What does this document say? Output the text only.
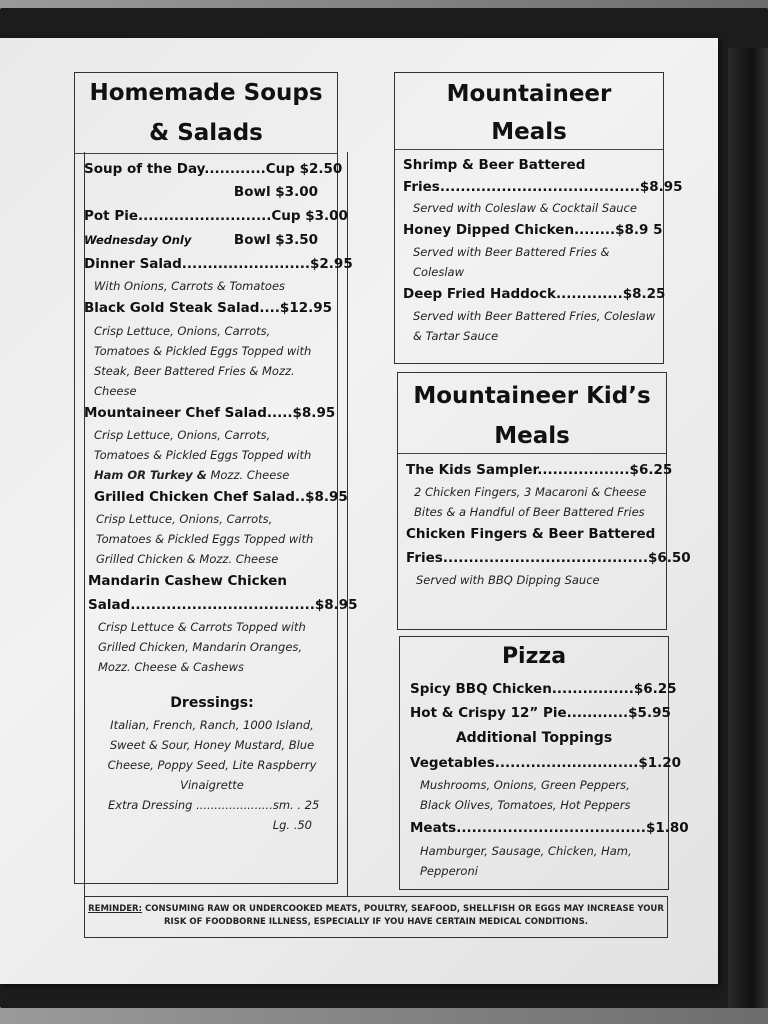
Homemade Soups
& Salads
Soup of the Day............Cup $2.50
Bowl $3.00
Pot Pie..........................Cup $3.00
Wednesday Only	Bowl $3.50
Dinner Salad.........................$2.95
With Onions, Carrots & Tomatoes
Black Gold Steak Salad....$12.95
Crisp Lettuce, Onions, Carrots,
Tomatoes & Pickled Eggs Topped with
Steak, Beer Battered Fries & Mozz.
Cheese
Mountaineer Chef Salad.....$8.95
Crisp Lettuce, Onions, Carrots,
Tomatoes & Pickled Eggs Topped with
Ham OR Turkey & Mozz. Cheese
Grilled Chicken Chef Salad..$8.95
Crisp Lettuce, Onions, Carrots,
Tomatoes & Pickled Eggs Topped with
Grilled Chicken & Mozz. Cheese
Mandarin Cashew Chicken
Salad....................................$8.95
Crisp Lettuce & Carrots Topped with
Grilled Chicken, Mandarin Oranges,
Mozz. Cheese & Cashews
Dressings:
Italian, French, Ranch, 1000 Island,
Sweet & Sour, Honey Mustard, Blue
Cheese, Poppy Seed, Lite Raspberry
Vinaigrette
Extra Dressing .....................sm. . 25
Lg. .50
Mountaineer
Meals
Shrimp & Beer Battered
Fries.......................................$8.95
Served with Coleslaw & Cocktail Sauce
Honey Dipped Chicken........$8.9 5
Served with Beer Battered Fries &
Coleslaw
Deep Fried Haddock.............$8.25
Served with Beer Battered Fries, Coleslaw
& Tartar Sauce
Mountaineer Kid’s
Meals
The Kids Sampler..................$6.25
2 Chicken Fingers, 3 Macaroni & Cheese
Bites & a Handful of Beer Battered Fries
Chicken Fingers & Beer Battered
Fries........................................$6.50
Served with BBQ Dipping Sauce
Pizza
Spicy BBQ Chicken................$6.25
Hot & Crispy 12” Pie............$5.95
Additional Toppings
Vegetables............................$1.20
Mushrooms, Onions, Green Peppers,
Black Olives, Tomatoes, Hot Peppers
Meats.....................................$1.80
Hamburger, Sausage, Chicken, Ham,
Pepperoni
REMINDER: CONSUMING RAW OR UNDERCOOKED MEATS, POULTRY, SEAFOOD, SHELLFISH OR EGGS MAY INCREASE YOUR
RISK OF FOODBORNE ILLNESS, ESPECIALLY IF YOU HAVE CERTAIN MEDICAL CONDITIONS.
